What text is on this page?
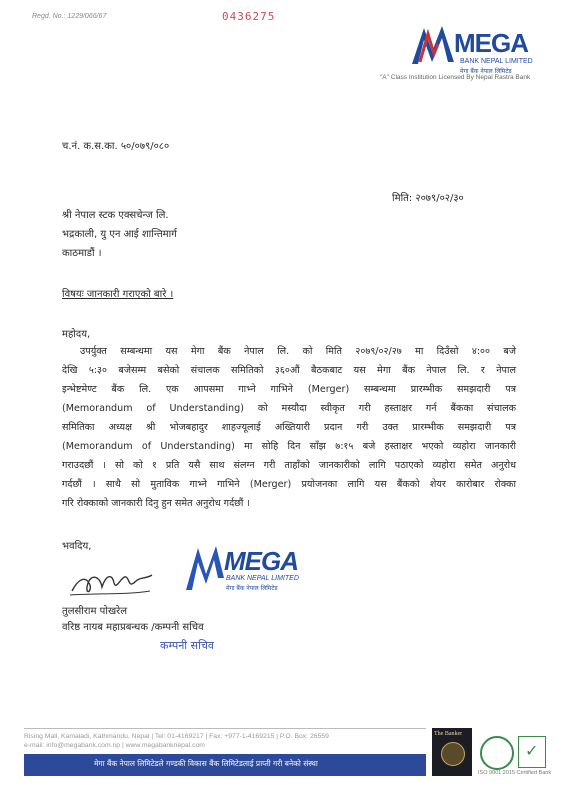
Regd. No.: 1229/066/67	0436275
MEGA
BANK NEPAL LIMITED
मेगा बैंक नेपाल लिमिटेड
"A" Class Institution Licensed By Nepal Rastra Bank
च.नं. क.स.का. ५०/०७९/०८०
मिति: २०७९/०२/३०
श्री नेपाल स्टक एक्सचेन्ज लि.
भद्रकाली, यु एन आई शान्तिमार्ग
काठमाडौं ।
विषयः जानकारी गराएको बारे ।
महोदय,

उपर्युक्त सम्बन्धमा यस मेगा बैंक नेपाल लि. को मिति २०७९/०२/२७ मा दिउँसो ४:०० बजे

देखि ५:३० बजेसम्म बसेको संचालक समितिको ३६०औं बैठकबाट यस मेगा बैंक नेपाल लि. र नेपाल

इन्भेष्टमेण्ट बैंक लि. एक आपसमा गाभ्ने गाभिने (Merger) सम्बन्धमा प्रारम्भीक समझदारी पत्र

(Memorandum of Understanding) को मस्यौदा स्वीकृत गरी हस्ताक्षर गर्न बैंकका संचालक

समितिका अध्यक्ष श्री भोजबहादुर शाहज्यूलाई अख्तियारी प्रदान गरी उक्त प्रारम्भीक समझदारी पत्र

(Memorandum of Understanding) मा सोहि दिन साँझ ७:१५ बजे हस्ताक्षर भएको व्यहोरा जानकारी

गराउदछौं । सो को १ प्रति यसै साथ संलग्न गरी ताहाँको जानकारीको लागि पठाएको व्यहोरा समेत अनुरोध

गर्दछौं । साथै सो मुताविक गाभ्ने गाभिने (Merger) प्रयोजनका लागि यस बैंकको शेयर कारोबार रोक्का

गरि रोक्काको जानकारी दिनु हुन समेत अनुरोध गर्दछौं ।

भवदिय,	MEGA
BANK NEPAL LIMITED
मेगा बैंक नेपाल लिमिटेड
तुलसीराम पोखरेल
वरिष्ठ नायब महाप्रबन्धक /कम्पनी सचिव
कम्पनी सचिव
Rising Mall, Kamaladi, Kathmandu, Nepal | Tel: 01-4169217 | Fax: +977-1-4169215 | P.O. Box: 26559
e-mail: info@megabank.com.np | www.megabanknepal.com
मेगा बैंक नेपाल लिमिटेडले गण्डकी विकास बैंक लिमिटेडलाई प्राप्ती गरी बनेको संस्था
The Banker
✓
ISO 9001:2015 Certified Bank
